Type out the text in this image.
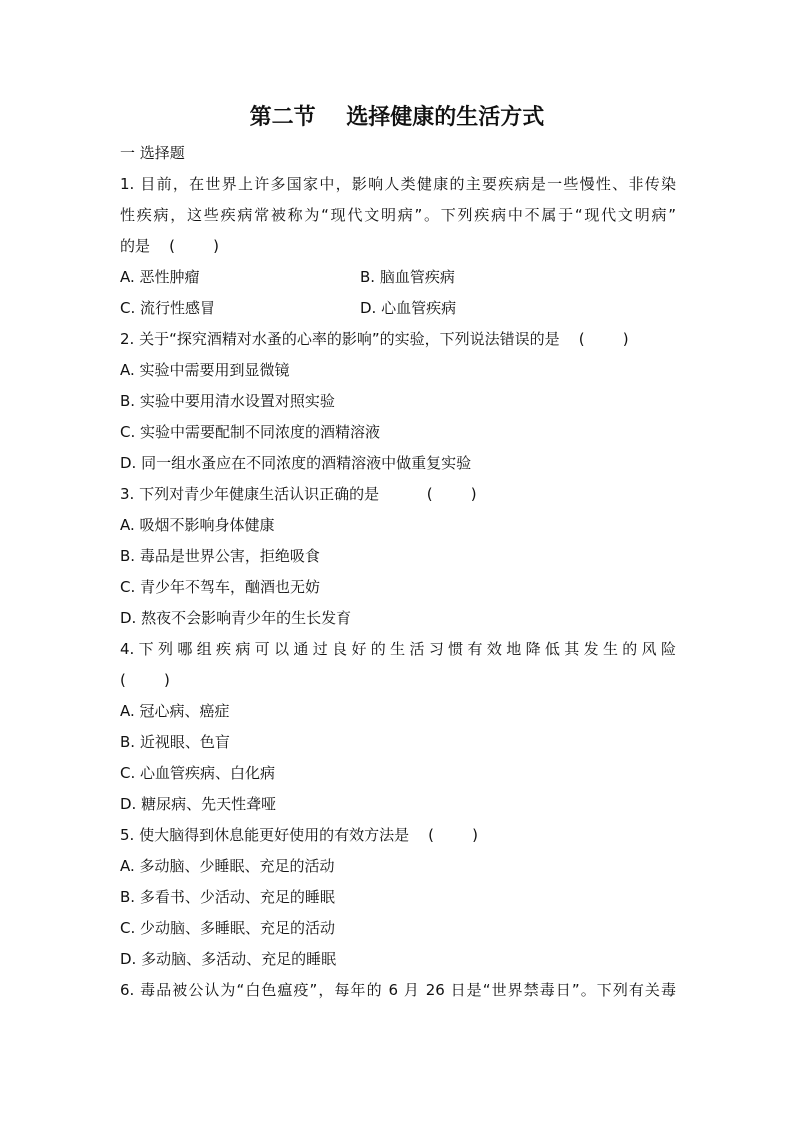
第二节    选择健康的生活方式
一 选择题
1. 目前，在世界上许多国家中，影响人类健康的主要疾病是一些慢性、非传染
性疾病，这些疾病常被称为“现代文明病”。下列疾病中不属于“现代文明病”
的是    (        )
A. 恶性肿瘤	B. 脑血管疾病
C. 流行性感冒	D. 心血管疾病
2. 关于“探究酒精对水蚤的心率的影响”的实验，下列说法错误的是    (        )
A. 实验中需要用到显微镜
B. 实验中要用清水设置对照实验
C. 实验中需要配制不同浓度的酒精溶液
D. 同一组水蚤应在不同浓度的酒精溶液中做重复实验
3. 下列对青少年健康生活认识正确的是          (        )
A. 吸烟不影响身体健康
B. 毒品是世界公害，拒绝吸食
C. 青少年不驾车，酗酒也无妨
D. 熬夜不会影响青少年的生长发育
4.下列哪组疾病可以通过良好的生活习惯有效地降低其发生的风险
(        )
A. 冠心病、癌症
B. 近视眼、色盲
C. 心血管疾病、白化病
D. 糖尿病、先天性聋哑
5. 使大脑得到休息能更好使用的有效方法是    (        )
A. 多动脑、少睡眠、充足的活动
B. 多看书、少活动、充足的睡眠
C. 少动脑、多睡眠、充足的活动
D. 多动脑、多活动、充足的睡眠
6. 毒品被公认为“白色瘟疫”，每年的 6 月 26 日是“世界禁毒日”。下列有关毒
